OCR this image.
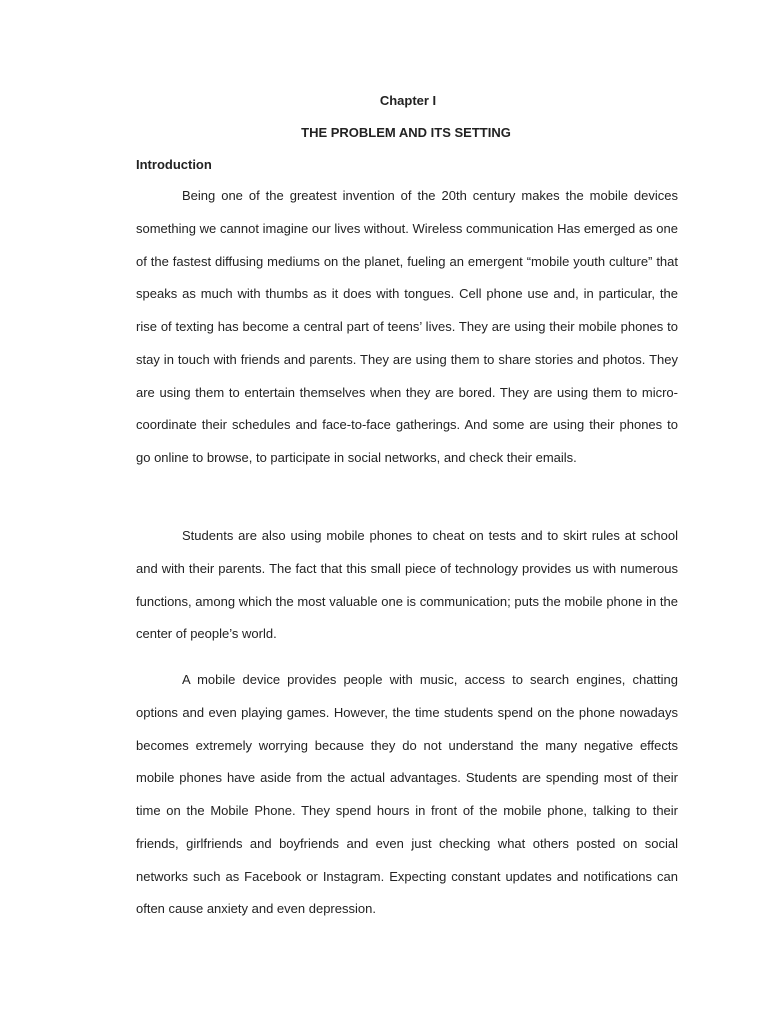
Chapter I
THE PROBLEM AND ITS SETTING
Introduction

Being one of the greatest invention of the 20th century makes the mobile devices something we cannot imagine our lives without. Wireless communication Has emerged as one of the fastest diffusing mediums on the planet, fueling an emergent “mobile youth culture” that speaks as much with thumbs as it does with tongues. Cell phone use and, in particular, the rise of texting has become a central part of teens’ lives. They are using their mobile phones to stay in touch with friends and parents. They are using them to share stories and photos. They are using them to entertain themselves when they are bored. They are using them to micro-coordinate their schedules and face-to-face gatherings. And some are using their phones to go online to browse, to participate in social networks, and check their emails.

Students are also using mobile phones to cheat on tests and to skirt rules at school and with their parents. The fact that this small piece of technology provides us with numerous functions, among which the most valuable one is communication; puts the mobile phone in the center of people’s world.

A mobile device provides people with music, access to search engines, chatting options and even playing games. However, the time students spend on the phone nowadays becomes extremely worrying because they do not understand the many negative effects mobile phones have aside from the actual advantages. Students are spending most of their time on the Mobile Phone. They spend hours in front of the mobile phone, talking to their friends, girlfriends and boyfriends and even just checking what others posted on social networks such as Facebook or Instagram. Expecting constant updates and notifications can often cause anxiety and even depression.
